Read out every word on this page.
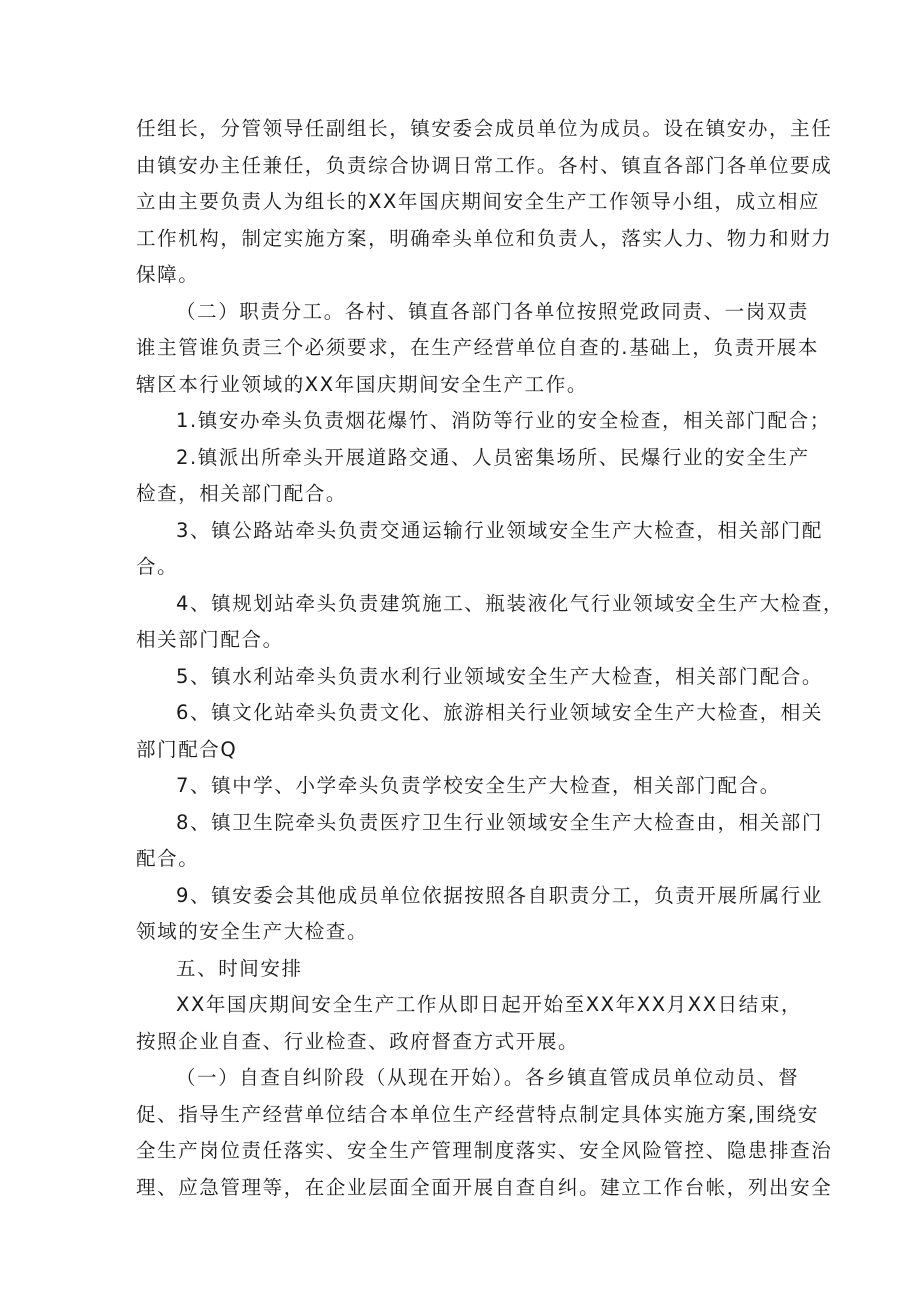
任组长，分管领导任副组长，镇安委会成员单位为成员。设在镇安办，主任
由镇安办主任兼任，负责综合协调日常工作。各村、镇直各部门各单位要成
立由主要负责人为组长的XX年国庆期间安全生产工作领导小组，成立相应
工作机构，制定实施方案，明确牵头单位和负责人，落实人力、物力和财力
保障。
（二）职责分工。各村、镇直各部门各单位按照党政同责、一岗双责
谁主管谁负责三个必须要求，在生产经营单位自查的.基础上，负责开展本
辖区本行业领域的XX年国庆期间安全生产工作。
1.镇安办牵头负责烟花爆竹、消防等行业的安全检查，相关部门配合；
2.镇派出所牵头开展道路交通、人员密集场所、民爆行业的安全生产
检查，相关部门配合。
3、镇公路站牵头负责交通运输行业领域安全生产大检查，相关部门配
合。
4、镇规划站牵头负责建筑施工、瓶装液化气行业领域安全生产大检查，
相关部门配合。
5、镇水利站牵头负责水利行业领域安全生产大检查，相关部门配合。
6、镇文化站牵头负责文化、旅游相关行业领域安全生产大检查，相关
部门配合Q
7、镇中学、小学牵头负责学校安全生产大检查，相关部门配合。
8、镇卫生院牵头负责医疗卫生行业领域安全生产大检查由，相关部门
配合。
9、镇安委会其他成员单位依据按照各自职责分工，负责开展所属行业
领域的安全生产大检查。
五、时间安排
XX年国庆期间安全生产工作从即日起开始至XX年XX月XX日结束，
按照企业自查、行业检查、政府督查方式开展。
（一）自查自纠阶段（从现在开始）。各乡镇直管成员单位动员、督
促、指导生产经营单位结合本单位生产经营特点制定具体实施方案,围绕安
全生产岗位责任落实、安全生产管理制度落实、安全风险管控、隐患排查治
理、应急管理等，在企业层面全面开展自查自纠。建立工作台帐，列出安全
